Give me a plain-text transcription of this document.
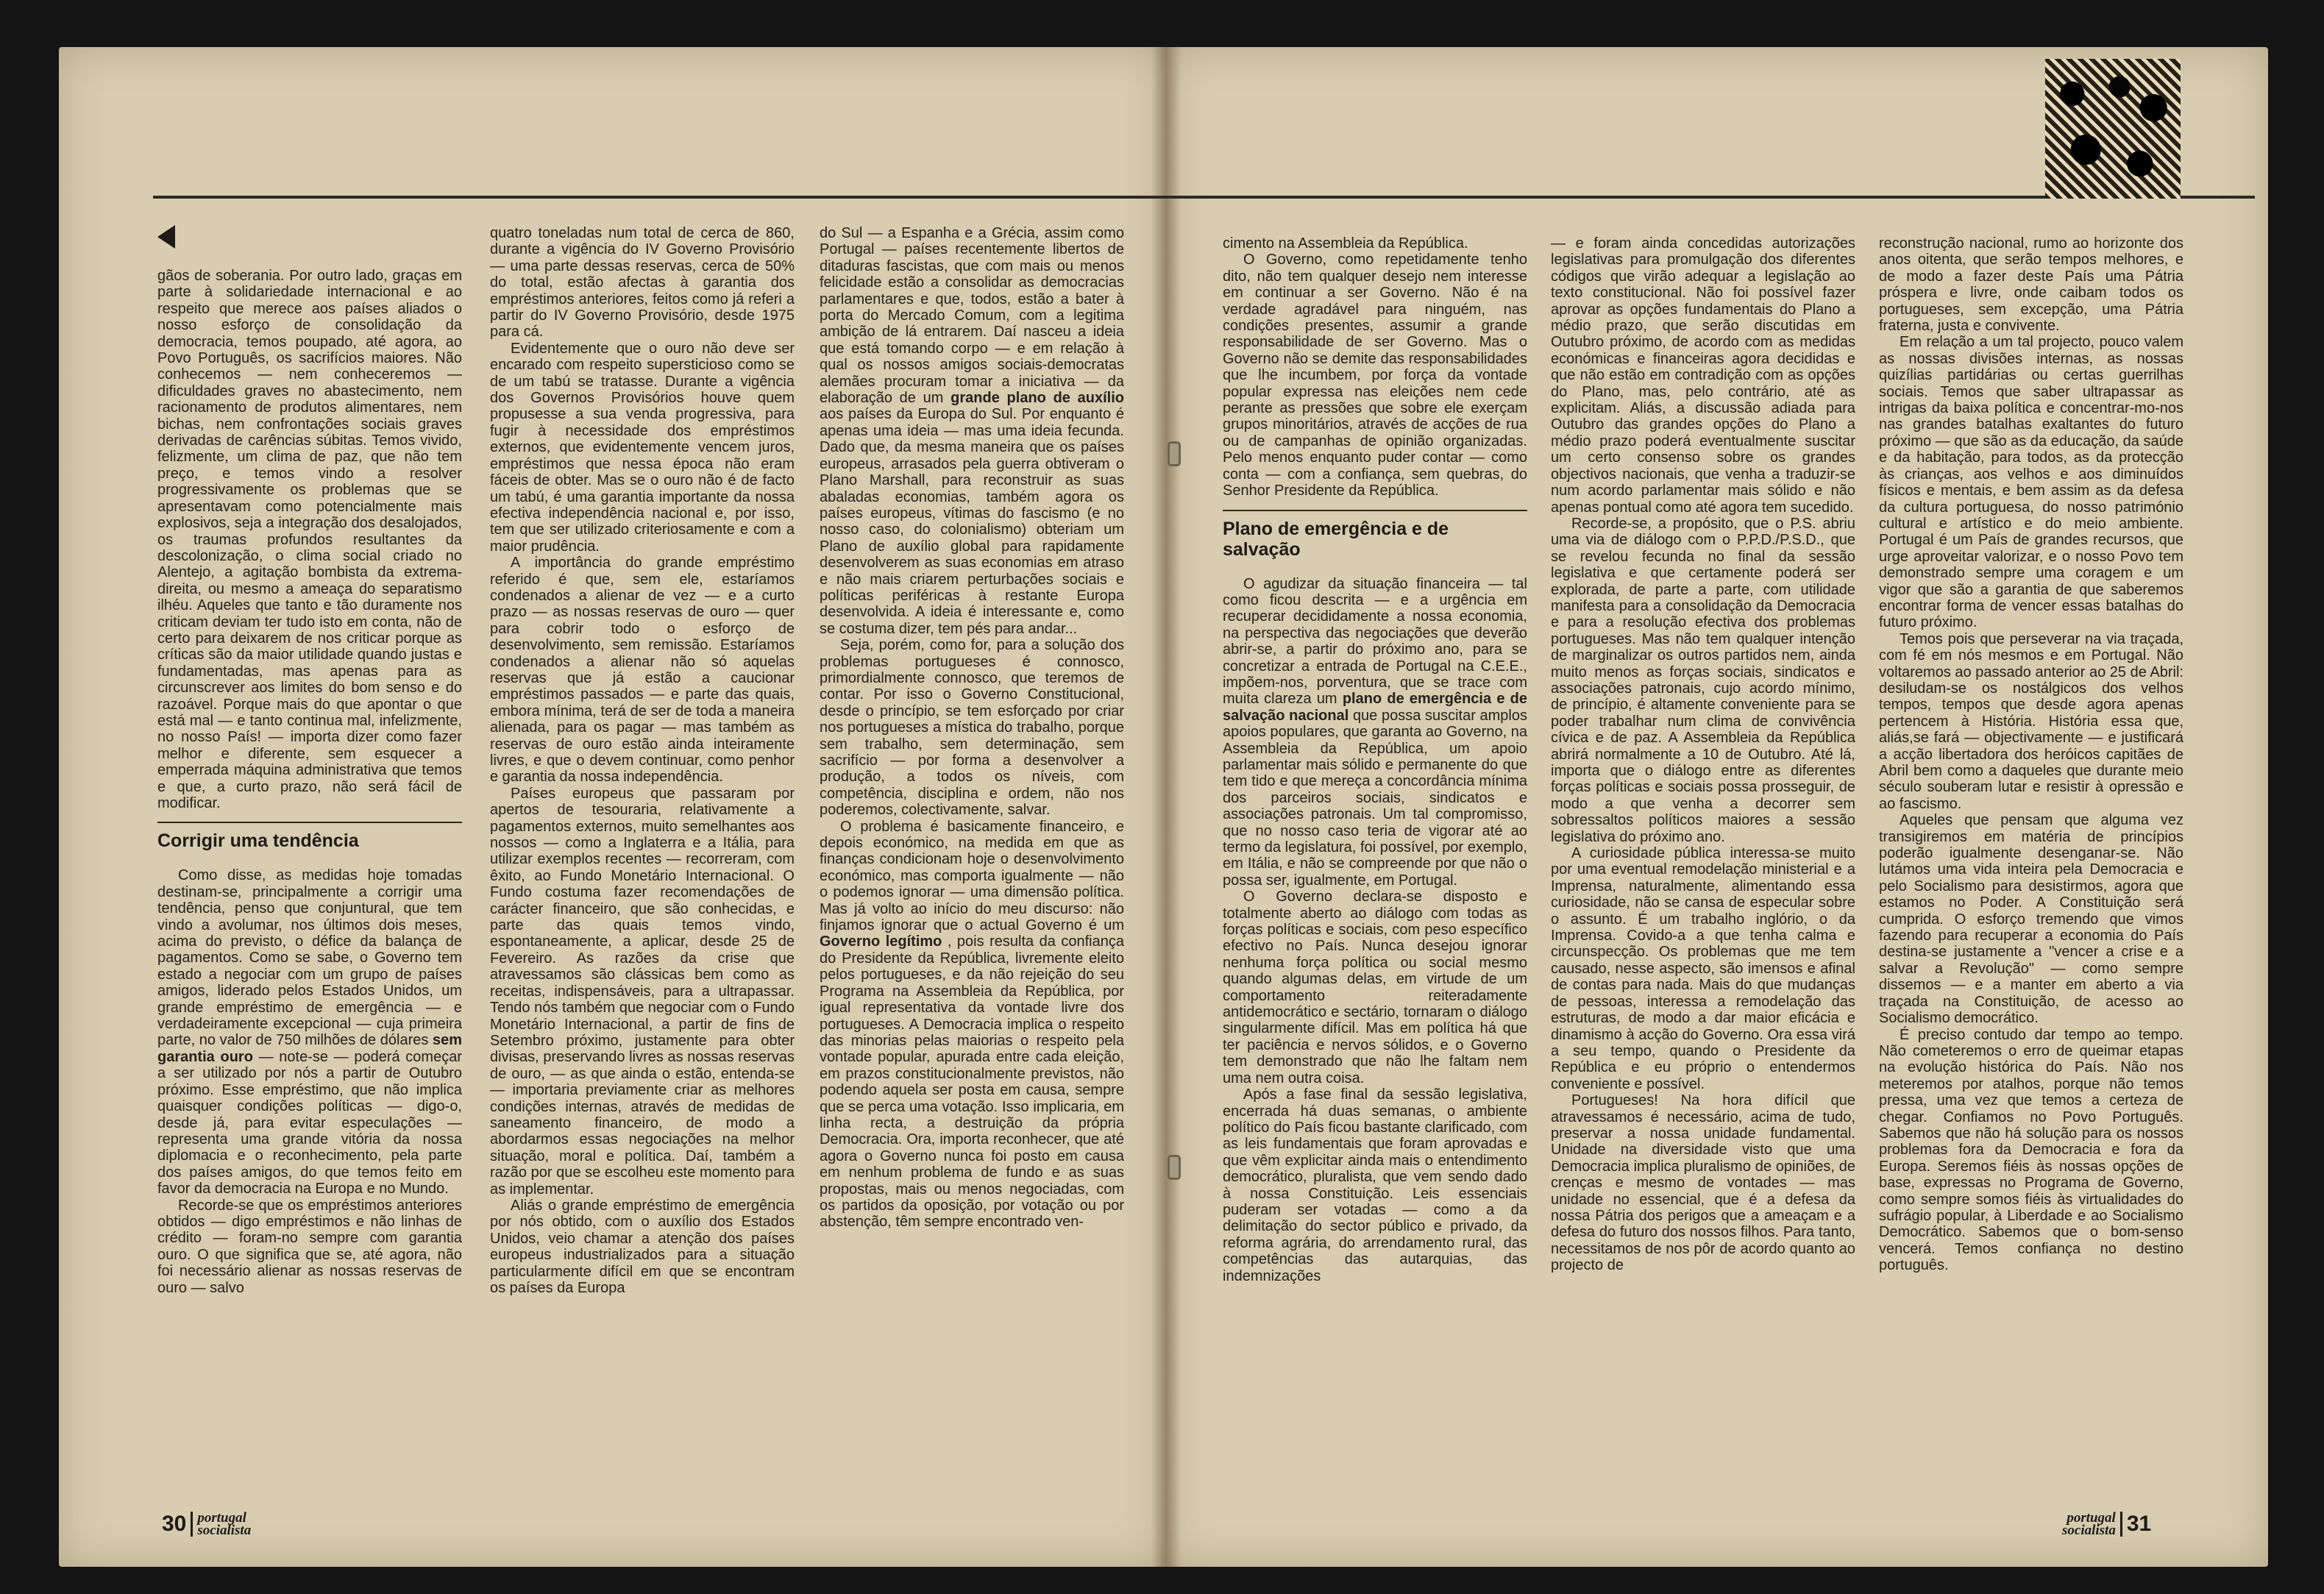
gãos de soberania. Por outro lado, graças em parte à solidariedade internacional e ao respeito que merece aos países aliados o nosso esforço de consolidação da democracia, temos poupado, até agora, ao Povo Português, os sacrifícios maiores. Não conhecemos — nem conheceremos — dificuldades graves no abastecimento, nem racionamento de produtos alimentares, nem bichas, nem confrontações sociais graves derivadas de carências súbitas. Temos vivido, felizmente, um clima de paz, que não tem preço, e temos vindo a resolver progressivamente os problemas que se apresentavam como potencialmente mais explosivos, seja a integração dos desalojados, os traumas profundos resultantes da descolonização, o clima social criado no Alentejo, a agitação bombista da extrema-direita, ou mesmo a ameaça do separatismo ilhéu. Aqueles que tanto e tão duramente nos criticam deviam ter tudo isto em conta, não de certo para deixarem de nos criticar porque as críticas são da maior utilidade quando justas e fundamentadas, mas apenas para as circunscrever aos limites do bom senso e do razoável. Porque mais do que apontar o que está mal — e tanto continua mal, infelizmente, no nosso País! — importa dizer como fazer melhor e diferente, sem esquecer a emperrada máquina administrativa que temos e que, a curto prazo, não será fácil de modificar.

Corrigir uma tendência

Como disse, as medidas hoje tomadas destinam-se, principalmente a corrigir uma tendência, penso que conjuntural, que tem vindo a avolumar, nos últimos dois meses, acima do previsto, o défice da balança de pagamentos. Como se sabe, o Governo tem estado a negociar com um grupo de países amigos, liderado pelos Estados Unidos, um grande empréstimo de emergência — e verdadeiramente excepcional — cuja primeira parte, no valor de 750 milhões de dólares sem garantia ouro — note-se — poderá começar a ser utilizado por nós a partir de Outubro próximo. Esse empréstimo, que não implica quaisquer condições políticas — digo-o, desde já, para evitar especulações — representa uma grande vitória da nossa diplomacia e o reconhecimento, pela parte dos países amigos, do que temos feito em favor da democracia na Europa e no Mundo.

Recorde-se que os empréstimos anteriores obtidos — digo empréstimos e não linhas de crédito — foram-no sempre com garantia ouro. O que significa que se, até agora, não foi necessário alienar as nossas reservas de ouro — salvo

quatro toneladas num total de cerca de 860, durante a vigência do IV Governo Provisório — uma parte dessas reservas, cerca de 50% do total, estão afectas à garantia dos empréstimos anteriores, feitos como já referi a partir do IV Governo Provisório, desde 1975 para cá.

Evidentemente que o ouro não deve ser encarado com respeito supersticioso como se de um tabú se tratasse. Durante a vigência dos Governos Provisórios houve quem propusesse a sua venda progressiva, para fugir à necessidade dos empréstimos externos, que evidentemente vencem juros, empréstimos que nessa época não eram fáceis de obter. Mas se o ouro não é de facto um tabú, é uma garantia importante da nossa efectiva independência nacional e, por isso, tem que ser utilizado criteriosamente e com a maior prudência.

A importância do grande empréstimo referido é que, sem ele, estaríamos condenados a alienar de vez — e a curto prazo — as nossas reservas de ouro — quer para cobrir todo o esforço de desenvolvimento, sem remissão. Estaríamos condenados a alienar não só aquelas reservas que já estão a caucionar empréstimos passados — e parte das quais, embora mínima, terá de ser de toda a maneira alienada, para os pagar — mas também as reservas de ouro estão ainda inteiramente livres, e que o devem continuar, como penhor e garantia da nossa independência.

Países europeus que passaram por apertos de tesouraria, relativamente a pagamentos externos, muito semelhantes aos nossos — como a Inglaterra e a Itália, para utilizar exemplos recentes — recorreram, com êxito, ao Fundo Monetário Internacional. O Fundo costuma fazer recomendações de carácter financeiro, que são conhecidas, e parte das quais temos vindo, espontaneamente, a aplicar, desde 25 de Fevereiro. As razões da crise que atravessamos são clássicas bem como as receitas, indispensáveis, para a ultrapassar. Tendo nós também que negociar com o Fundo Monetário Internacional, a partir de fins de Setembro próximo, justamente para obter divisas, preservando livres as nossas reservas de ouro, — as que ainda o estão, entenda-se — importaria previamente criar as melhores condições internas, através de medidas de saneamento financeiro, de modo a abordarmos essas negociações na melhor situação, moral e política. Daí, também a razão por que se escolheu este momento para as implementar.

Aliás o grande empréstimo de emergência por nós obtido, com o auxílio dos Estados Unidos, veio chamar a atenção dos países europeus industrializados para a situação particularmente difícil em que se encontram os países da Europa

do Sul — a Espanha e a Grécia, assim como Portugal — países recentemente libertos de ditaduras fascistas, que com mais ou menos felicidade estão a consolidar as democracias parlamentares e que, todos, estão a bater à porta do Mercado Comum, com a legitima ambição de lá entrarem. Daí nasceu a ideia que está tomando corpo — e em relação à qual os nossos amigos sociais-democratas alemães procuram tomar a iniciativa — da elaboração de um grande plano de auxílio aos países da Europa do Sul. Por enquanto é apenas uma ideia — mas uma ideia fecunda. Dado que, da mesma maneira que os países europeus, arrasados pela guerra obtiveram o Plano Marshall, para reconstruir as suas abaladas economias, também agora os países europeus, vítimas do fascismo (e no nosso caso, do colonialismo) obteriam um Plano de auxílio global para rapidamente desenvolverem as suas economias em atraso e não mais criarem perturbações sociais e políticas periféricas à restante Europa desenvolvida. A ideia é interessante e, como se costuma dizer, tem pés para andar...

Seja, porém, como for, para a solução dos problemas portugueses é connosco, primordialmente connosco, que teremos de contar. Por isso o Governo Constitucional, desde o princípio, se tem esforçado por criar nos portugueses a mística do trabalho, porque sem trabalho, sem determinação, sem sacrifício — por forma a desenvolver a produção, a todos os níveis, com competência, disciplina e ordem, não nos poderemos, colectivamente, salvar.

O problema é basicamente financeiro, e depois económico, na medida em que as finanças condicionam hoje o desenvolvimento económico, mas comporta igualmente — não o podemos ignorar — uma dimensão política. Mas já volto ao início do meu discurso: não finjamos ignorar que o actual Governo é um Governo legítimo , pois resulta da confiança do Presidente da República, livremente eleito pelos portugueses, e da não rejeição do seu Programa na Assembleia da República, por igual representativa da vontade livre dos portugueses. A Democracia implica o respeito das minorias pelas maiorias o respeito pela vontade popular, apurada entre cada eleição, em prazos constitucionalmente previstos, não podendo aquela ser posta em causa, sempre que se perca uma votação. Isso implicaria, em linha recta, a destruição da própria Democracia. Ora, importa reconhecer, que até agora o Governo nunca foi posto em causa em nenhum problema de fundo e as suas propostas, mais ou menos negociadas, com os partidos da oposição, por votação ou por abstenção, têm sempre encontrado ven-

cimento na Assembleia da República.

O Governo, como repetidamente tenho dito, não tem qualquer desejo nem interesse em continuar a ser Governo. Não é na verdade agradável para ninguém, nas condições presentes, assumir a grande responsabilidade de ser Governo. Mas o Governo não se demite das responsabilidades que lhe incumbem, por força da vontade popular expressa nas eleições nem cede perante as pressões que sobre ele exerçam grupos minoritários, através de acções de rua ou de campanhas de opinião organizadas. Pelo menos enquanto puder contar — como conta — com a confiança, sem quebras, do Senhor Presidente da República.

Plano de emergência e de salvação

O agudizar da situação financeira — tal como ficou descrita — e a urgência em recuperar decididamente a nossa economia, na perspectiva das negociações que deverão abrir-se, a partir do próximo ano, para se concretizar a entrada de Portugal na C.E.E., impõem-nos, porventura, que se trace com muita clareza um plano de emergência e de salvação nacional que possa suscitar amplos apoios populares, que garanta ao Governo, na Assembleia da República, um apoio parlamentar mais sólido e permanente do que tem tido e que mereça a concordância mínima dos parceiros sociais, sindicatos e associações patronais. Um tal compromisso, que no nosso caso teria de vigorar até ao termo da legislatura, foi possível, por exemplo, em Itália, e não se compreende por que não o possa ser, igualmente, em Portugal.

O Governo declara-se disposto e totalmente aberto ao diálogo com todas as forças políticas e sociais, com peso específico efectivo no País. Nunca desejou ignorar nenhuma força política ou social mesmo quando algumas delas, em virtude de um comportamento reiteradamente antidemocrático e sectário, tornaram o diálogo singularmente difícil. Mas em política há que ter paciência e nervos sólidos, e o Governo tem demonstrado que não lhe faltam nem uma nem outra coisa.

Após a fase final da sessão legislativa, encerrada há duas semanas, o ambiente político do País ficou bastante clarificado, com as leis fundamentais que foram aprovadas e que vêm explicitar ainda mais o entendimento democrático, pluralista, que vem sendo dado à nossa Constituição. Leis essenciais puderam ser votadas — como a da delimitação do sector público e privado, da reforma agrária, do arrendamento rural, das competências das autarquias, das indemnizações

— e foram ainda concedidas autorizações legislativas para promulgação dos diferentes códigos que virão adequar a legislação ao texto constitucional. Não foi possível fazer aprovar as opções fundamentais do Plano a médio prazo, que serão discutidas em Outubro próximo, de acordo com as medidas económicas e financeiras agora decididas e que não estão em contradição com as opções do Plano, mas, pelo contrário, até as explicitam. Aliás, a discussão adiada para Outubro das grandes opções do Plano a médio prazo poderá eventualmente suscitar um certo consenso sobre os grandes objectivos nacionais, que venha a traduzir-se num acordo parlamentar mais sólido e não apenas pontual como até agora tem sucedido.

Recorde-se, a propósito, que o P.S. abriu uma via de diálogo com o P.P.D./P.S.D., que se revelou fecunda no final da sessão legislativa e que certamente poderá ser explorada, de parte a parte, com utilidade manifesta para a consolidação da Democracia e para a resolução efectiva dos problemas portugueses. Mas não tem qualquer intenção de marginalizar os outros partidos nem, ainda muito menos as forças sociais, sindicatos e associações patronais, cujo acordo mínimo, de princípio, é altamente conveniente para se poder trabalhar num clima de convivência cívica e de paz. A Assembleia da República abrirá normalmente a 10 de Outubro. Até lá, importa que o diálogo entre as diferentes forças políticas e sociais possa prosseguir, de modo a que venha a decorrer sem sobressaltos políticos maiores a sessão legislativa do próximo ano.

A curiosidade pública interessa-se muito por uma eventual remodelação ministerial e a Imprensa, naturalmente, alimentando essa curiosidade, não se cansa de especular sobre o assunto. É um trabalho inglório, o da Imprensa. Covido-a a que tenha calma e circunspecção. Os problemas que me tem causado, nesse aspecto, são imensos e afinal de contas para nada. Mais do que mudanças de pessoas, interessa a remodelação das estruturas, de modo a dar maior eficácia e dinamismo à acção do Governo. Ora essa virá a seu tempo, quando o Presidente da República e eu próprio o entendermos conveniente e possível.

Portugueses! Na hora difícil que atravessamos é necessário, acima de tudo, preservar a nossa unidade fundamental. Unidade na diversidade visto que uma Democracia implica pluralismo de opiniões, de crenças e mesmo de vontades — mas unidade no essencial, que é a defesa da nossa Pátria dos perigos que a ameaçam e a defesa do futuro dos nossos filhos. Para tanto, necessitamos de nos pôr de acordo quanto ao projecto de

reconstrução nacional, rumo ao horizonte dos anos oitenta, que serão tempos melhores, e de modo a fazer deste País uma Pátria próspera e livre, onde caibam todos os portugueses, sem excepção, uma Pátria fraterna, justa e convivente.

Em relação a um tal projecto, pouco valem as nossas divisões internas, as nossas quizílias partidárias ou certas guerrilhas sociais. Temos que saber ultrapassar as intrigas da baixa política e concentrar-mo-nos nas grandes batalhas exaltantes do futuro próximo — que são as da educação, da saúde e da habitação, para todos, as da protecção às crianças, aos velhos e aos diminuídos físicos e mentais, e bem assim as da defesa da cultura portuguesa, do nosso património cultural e artístico e do meio ambiente. Portugal é um País de grandes recursos, que urge aproveitar valorizar, e o nosso Povo tem demonstrado sempre uma coragem e um vigor que são a garantia de que saberemos encontrar forma de vencer essas batalhas do futuro próximo.

Temos pois que perseverar na via traçada, com fé em nós mesmos e em Portugal. Não voltaremos ao passado anterior ao 25 de Abril: desiludam-se os nostálgicos dos velhos tempos, tempos que desde agora apenas pertencem à História. História essa que, aliás,se fará — objectivamente — e justificará a acção libertadora dos heróicos capitães de Abril bem como a daqueles que durante meio século souberam lutar e resistir à opressão e ao fascismo.

Aqueles que pensam que alguma vez transigiremos em matéria de princípios poderão igualmente desenganar-se. Não lutámos uma vida inteira pela Democracia e pelo Socialismo para desistirmos, agora que estamos no Poder. A Constituição será cumprida. O esforço tremendo que vimos fazendo para recuperar a economia do País destina-se justamente a "vencer a crise e a salvar a Revolução" — como sempre dissemos — e a manter em aberto a via traçada na Constituição, de acesso ao Socialismo democrático.

É preciso contudo dar tempo ao tempo. Não cometeremos o erro de queimar etapas na evolução histórica do País. Não nos meteremos por atalhos, porque não temos pressa, uma vez que temos a certeza de chegar. Confiamos no Povo Português. Sabemos que não há solução para os nossos problemas fora da Democracia e fora da Europa. Seremos fiéis às nossas opções de base, expressas no Programa de Governo, como sempre somos fiéis às virtualidades do sufrágio popular, à Liberdade e ao Socialismo Democrático. Sabemos que o bom-senso vencerá. Temos confiança no destino português.

30 portugal
socialista
portugal
socialista 31
